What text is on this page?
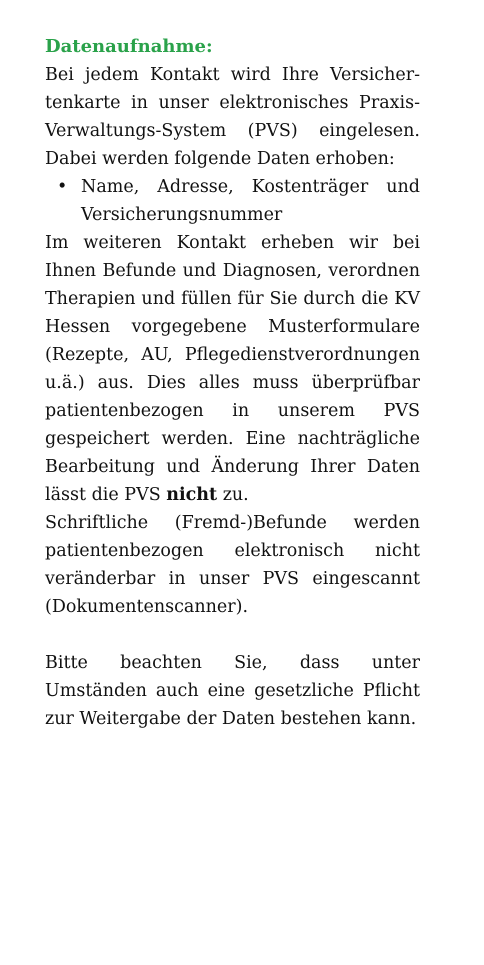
Datenaufnahme:

Bei jedem Kontakt wird Ihre Versicher-tenkarte in unser elektronisches Praxis-Verwaltungs-System (PVS) eingelesen. Dabei werden folgende Daten erhoben:

• Name, Adresse, Kostenträger und Versicherungsnummer

Im weiteren Kontakt erheben wir bei Ihnen Befunde und Diagnosen, verordnen Therapien und füllen für Sie durch die KV Hessen vorgegebene Musterformulare (Rezepte, AU, Pflegedienstverordnungen u.ä.) aus. Dies alles muss überprüfbar patientenbezogen in unserem PVS gespeichert werden. Eine nachträgliche Bearbeitung und Änderung Ihrer Daten lässt die PVS nicht zu.

Schriftliche (Fremd-)Befunde werden patientenbezogen elektronisch nicht veränderbar in unser PVS eingescannt (Dokumentenscanner).

Bitte beachten Sie, dass unter Umständen auch eine gesetzliche Pflicht zur Weitergabe der Daten bestehen kann.
